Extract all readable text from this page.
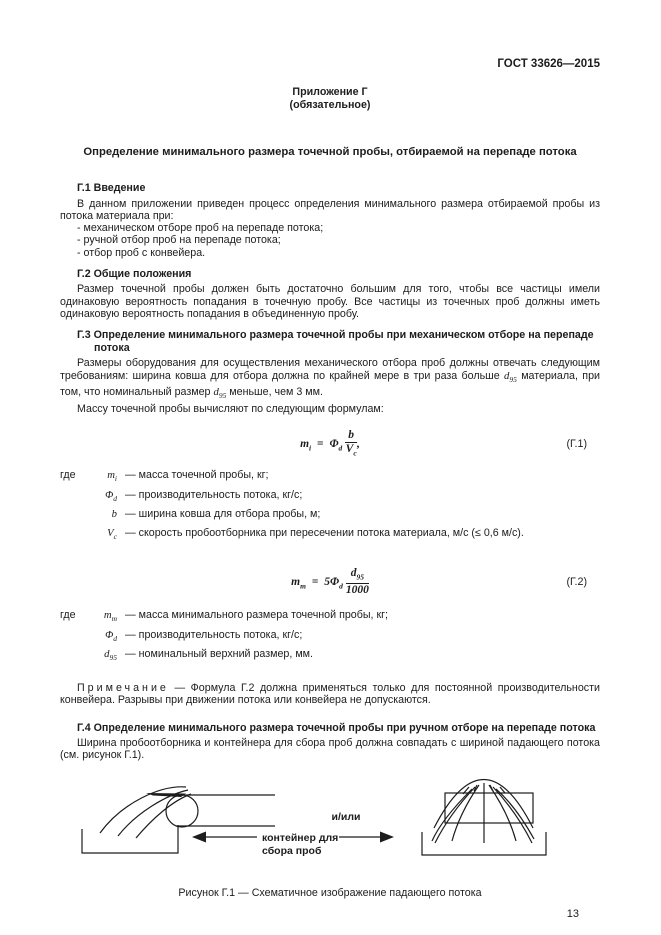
ГОСТ 33626—2015
Приложение Г
(обязательное)
Определение минимального размера точечной пробы, отбираемой на перепаде потока
Г.1 Введение

В данном приложении приведен процесс определения минимального размера отбираемой пробы из потока материала при:

- механическом отборе проб на перепаде потока;
- ручной отбор проб на перепаде потока;
- отбор проб с конвейера.
Г.2 Общие положения

Размер точечной пробы должен быть достаточно большим для того, чтобы все частицы имели одинаковую вероятность попадания в точечную пробу. Все частицы из точечных проб должны иметь одинаковую вероятность попадания в объединенную пробу.

Г.3 Определение минимального размера точечной пробы при механическом отборе на перепаде потока

Размеры оборудования для осуществления механического отбора проб должны отвечать следующим требованиям: ширина ковша для отбора должна по крайней мере в три раза больше $d_{95}$ материала, при том, что номинальный размер $d_{95}$ меньше, чем 3 мм.

Массу точечной пробы вычисляют по следующим формулам:

$m_i = \Phi_d \frac{b}{V_c}$ ,	(Г.1)
где	$m_i$ — масса точечной пробы, кг;
$\Phi_d$ — производительность потока, кг/с;
b — ширина ковша для отбора пробы, м;
$V_c$ — скорость пробоотборника при пересечении потока материала, м/с (≤ 0,6 м/с).
$m_m = 5\Phi_d \frac{d_{95}}{1000}$	(Г.2)
где	$m_m$ — масса минимального размера точечной пробы, кг;
$\Phi_d$ — производительность потока, кг/с;
$d_{95}$ — номинальный верхний размер, мм.

Примечание — Формула Г.2 должна применяться только для постоянной производительности конвейера. Разрывы при движении потока или конвейера не допускаются.

Г.4 Определение минимального размера точечной пробы при ручном отборе на перепаде потока

Ширина пробоотборника и контейнера для сбора проб должна совпадать с шириной падающего потока (см. рисунок Г.1).

контейнер для
сбора проб
и/или
Рисунок Г.1 — Схематичное изображение падающего потока
13
